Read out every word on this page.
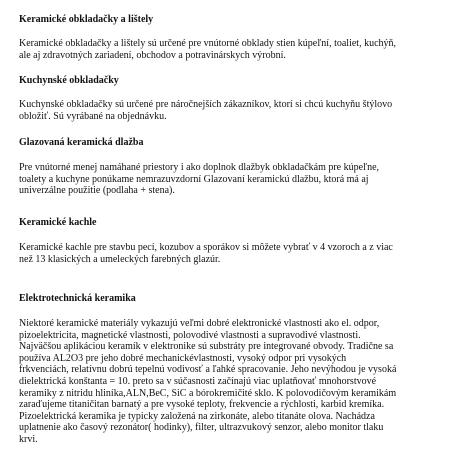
Keramické obkladačky a lištely

Keramické obkladačky a lištely sú určené pre vnútorné obklady stien kúpeľní, toaliet, kuchýň,
ale aj zdravotných zariadení, obchodov a potravinárskych výrobní.

Kuchynské obkladačky

Kuchynské obkladačky sú určené pre náročnejších zákazníkov, ktorí si chcú kuchyňu štýlovo
obložiť. Sú vyrábané na objednávku.

Glazovaná keramická dlažba

Pre vnútorné menej namáhané priestory i ako doplnok dlažbyk obkladačkám pre kúpeľne,
toalety a kuchyne ponúkame nemrazuvzdorní Glazovaní keramickú dlažbu, ktorá má aj
univerzálne použitie (podlaha + stena).

Keramické kachle

Keramické kachle pre stavbu pecí, kozubov a sporákov si môžete vybrať v 4 vzoroch a z viac
než 13 klasických a umeleckých farebných glazúr.

Elektrotechnická keramika

Niektoré keramické materiály vykazujú veľmi dobré elektronické vlastnosti ako el. odpor,
pizoelektricita, magnetické vlastnosti, polovodivé vlastnosti a supravodivé vlastnosti.
Najväčšou aplikáciou keramík v elektronike sú substráty pre integrované obvody. Tradičnе sa
používa AL2O3 pre jeho dobré mechanickévlastnosti, vysoký odpor pri vysokých
frkvenciách, relatívnu dobrú tepelnú vodivosť a ľahké spracovanie. Jeho nevýhodou je vysoká
dielektrická konštanta = 10. preto sa v súčasnosti začínajú viac uplatňovať mnohorstvové
keramiky z nitridu hliníka,ALN,BeC, SiC a bórokremičité sklo. K polovodičovým keramikám
zaraďujeme titaničitan barnatý a pre vysoké teploty, frekvencie a rýchlosti, karbid kremíka.
Pizoelektrická keramika je typicky založená na zirkonáte, alebo titanáte olova. Nachádza
uplatnenie ako časový rezonátor( hodinky), filter, ultrazvukový senzor, alebo monitor tlaku
krvi.
